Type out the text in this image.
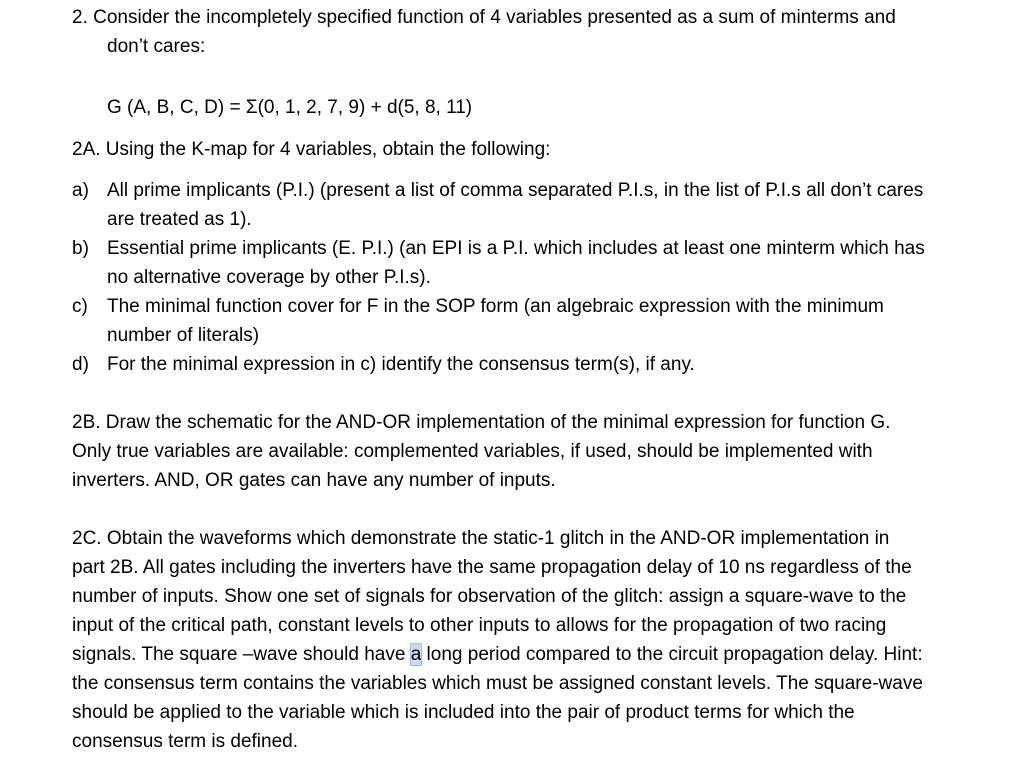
2. Consider the incompletely specified function of 4 variables presented as a sum of minterms and
don’t cares:
G (A, B, C, D) = Σ(0, 1, 2, 7, 9) + d(5, 8, 11)
2A. Using the K-map for 4 variables, obtain the following:
a) All prime implicants (P.I.) (present a list of comma separated P.I.s, in the list of P.I.s all don’t cares
are treated as 1).
b) Essential prime implicants (E. P.I.) (an EPI is a P.I. which includes at least one minterm which has
no alternative coverage by other P.I.s).
c) The minimal function cover for F in the SOP form (an algebraic expression with the minimum
number of literals)
d) For the minimal expression in c) identify the consensus term(s), if any.
2B. Draw the schematic for the AND-OR implementation of the minimal expression for function G.
Only true variables are available: complemented variables, if used, should be implemented with
inverters. AND, OR gates can have any number of inputs.
2C. Obtain the waveforms which demonstrate the static-1 glitch in the AND-OR implementation in
part 2B. All gates including the inverters have the same propagation delay of 10 ns regardless of the
number of inputs. Show one set of signals for observation of the glitch: assign a square-wave to the
input of the critical path, constant levels to other inputs to allows for the propagation of two racing
signals. The square –wave should have a long period compared to the circuit propagation delay. Hint:
the consensus term contains the variables which must be assigned constant levels. The square-wave
should be applied to the variable which is included into the pair of product terms for which the
consensus term is defined.
